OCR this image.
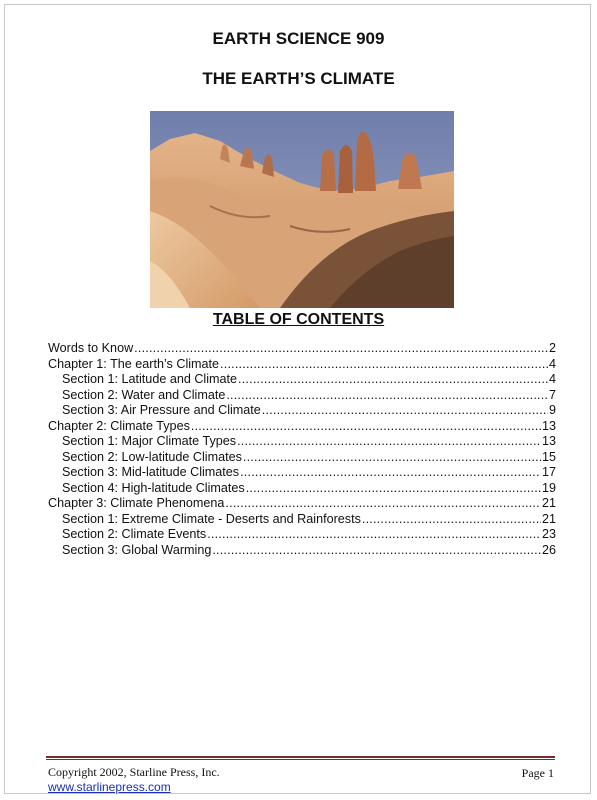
EARTH SCIENCE 909
THE EARTH’S CLIMATE
TABLE OF CONTENTS
Words to Know .....	2
Chapter 1: The earth’s Climate .....	4
Section 1: Latitude and Climate .....	4
Section 2: Water and Climate .....	7
Section 3: Air Pressure and Climate .....	9
Chapter 2: Climate Types .....	13
Section 1: Major Climate Types .....	13
Section 2: Low-latitude Climates .....	15
Section 3: Mid-latitude Climates .....	17
Section 4: High-latitude Climates .....	19
Chapter 3: Climate Phenomena .....	21
Section 1: Extreme Climate - Deserts and Rainforests .....	21
Section 2: Climate Events .....	23
Section 3: Global Warming .....	26
Copyright 2002, Starline Press, Inc.
www.starlinepress.com
Page 1
